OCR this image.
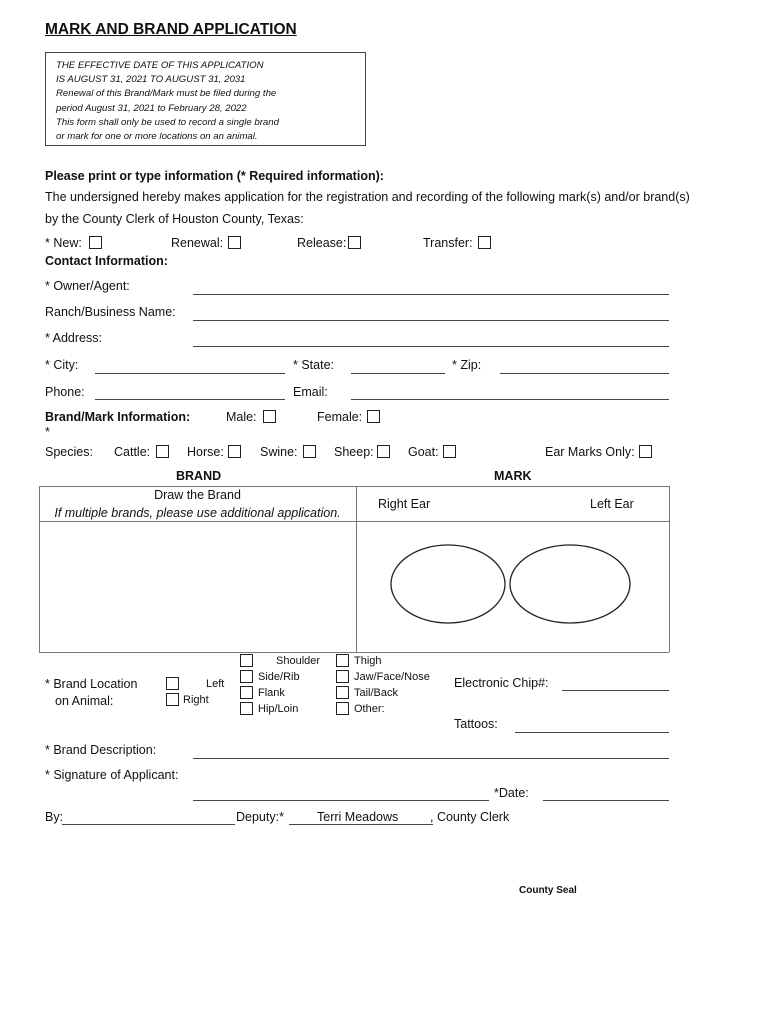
MARK AND BRAND APPLICATION
THE EFFECTIVE DATE OF THIS APPLICATION
IS AUGUST 31, 2021 TO AUGUST 31, 2031
Renewal of this Brand/Mark must be filed during the
period August 31, 2021 to February 28, 2022
This form shall only be used to record a single brand
or mark for one or more locations on an animal.
Please print or type information (* Required information):
The undersigned hereby makes application for the registration and recording of the following mark(s) and/or brand(s)
by the County Clerk of Houston County, Texas:
* New:	Renewal:	Release:	Transfer:
Contact Information:
* Owner/Agent:
Ranch/Business Name:
* Address:
* City:	* State:	* Zip:
Phone:	Email:
Brand/Mark Information:	Male:	Female:
*
Species: Cattle:	Horse:	Swine:	Sheep:	Goat:	Ear Marks Only:
BRAND	MARK
Draw the Brand
If multiple brands, please use additional application.
Right Ear	Left Ear
* Brand Location
on Animal:
Left
Right
Shoulder
Side/Rib
Flank
Hip/Loin
Thigh
Jaw/Face/Nose
Tail/Back
Other:
Electronic Chip#:
Tattoos:
* Brand Description:
* Signature of Applicant:
*Date:
By:	Deputy:*	Terri Meadows	, County Clerk
County Seal
